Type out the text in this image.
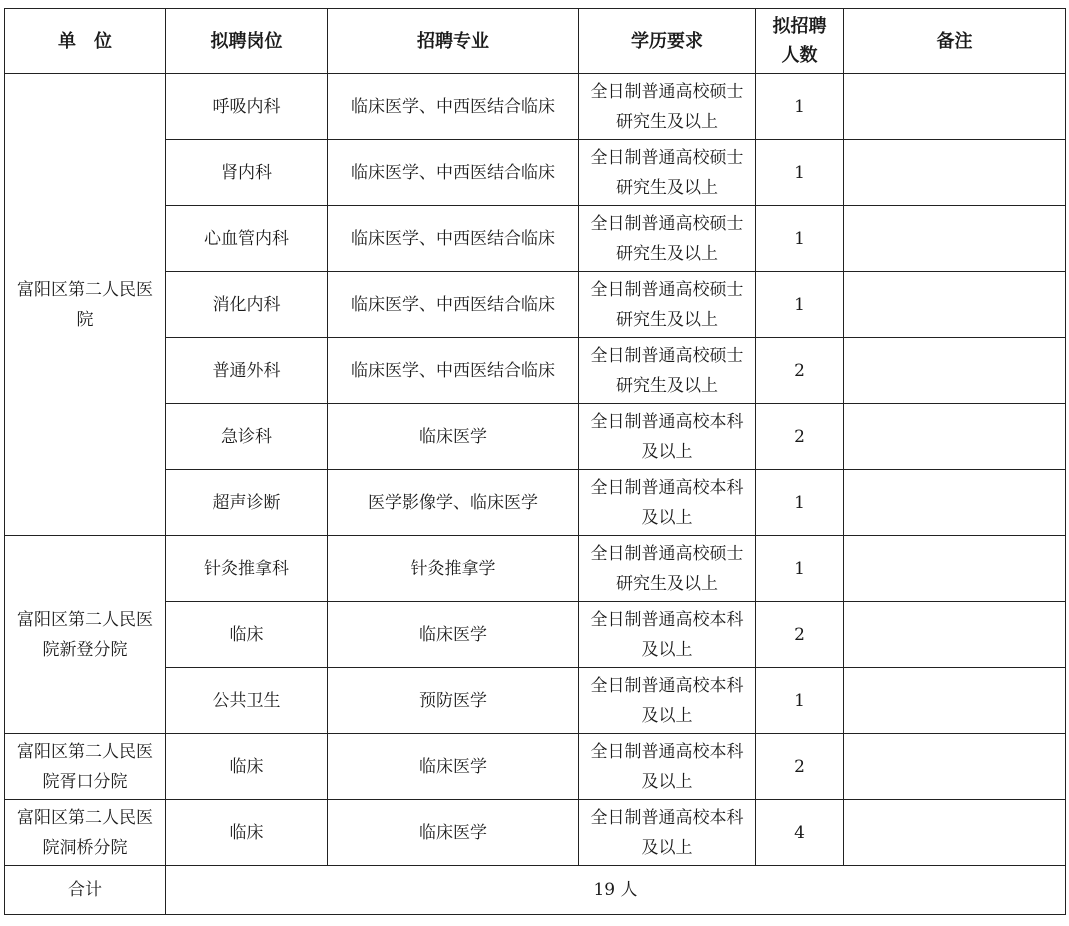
单　位	拟聘岗位	招聘专业	学历要求	拟招聘人数	备注
富阳区第二人民医院	呼吸内科	临床医学、中西医结合临床	全日制普通高校硕士研究生及以上	1	
	肾内科	临床医学、中西医结合临床	全日制普通高校硕士研究生及以上	1	
	心血管内科	临床医学、中西医结合临床	全日制普通高校硕士研究生及以上	1	
	消化内科	临床医学、中西医结合临床	全日制普通高校硕士研究生及以上	1	
	普通外科	临床医学、中西医结合临床	全日制普通高校硕士研究生及以上	2	
	急诊科	临床医学	全日制普通高校本科及以上	2	
	超声诊断	医学影像学、临床医学	全日制普通高校本科及以上	1	
富阳区第二人民医院新登分院	针灸推拿科	针灸推拿学	全日制普通高校硕士研究生及以上	1	
	临床	临床医学	全日制普通高校本科及以上	2	
	公共卫生	预防医学	全日制普通高校本科及以上	1	
富阳区第二人民医院胥口分院	临床	临床医学	全日制普通高校本科及以上	2	
富阳区第二人民医院洞桥分院	临床	临床医学	全日制普通高校本科及以上	4	
合计	19 人				
